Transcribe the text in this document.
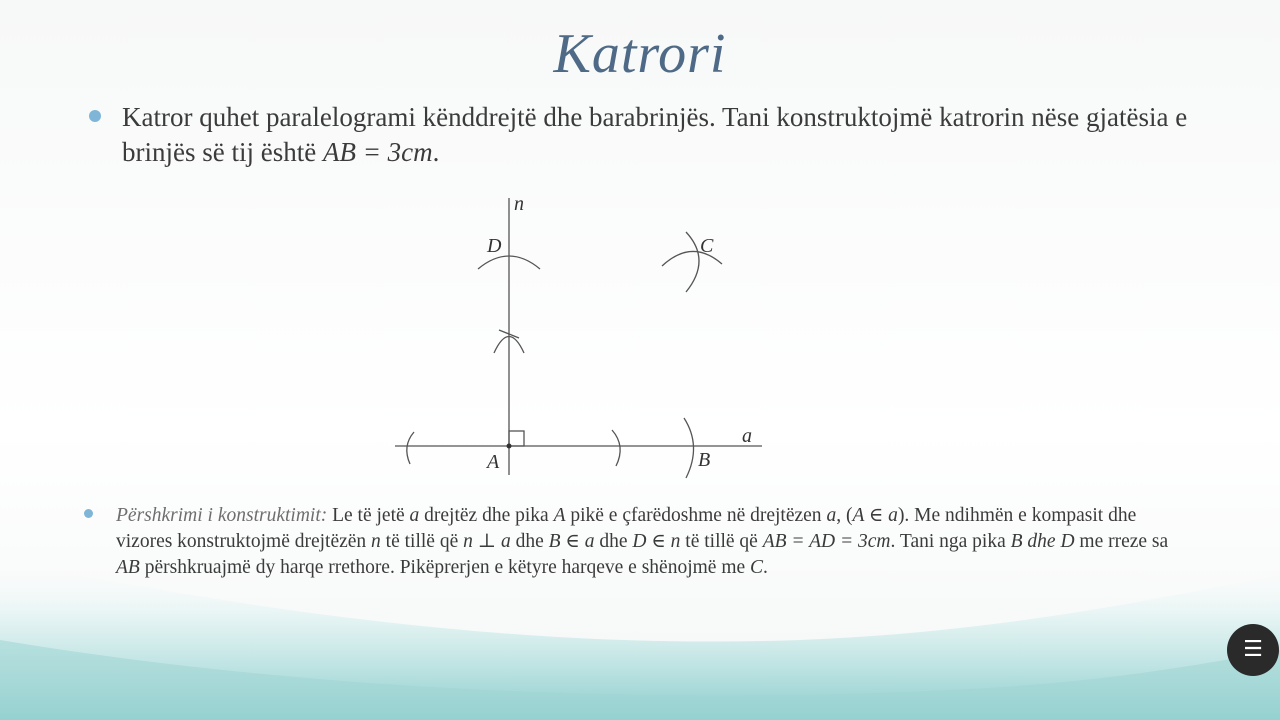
Katrori
Katror quhet paralelogrami kënddrejtë dhe barabrinjës. Tani konstruktojmë katrorin nëse gjatësia e brinjës së tij është AB = 3cm.
n
a
A	B
C
D
Përshkrimi i konstruktimit: Le të jetë a drejtëz dhe pika A pikë e çfarëdoshme në drejtëzen a, (A ∈ a). Me ndihmën e kompasit dhe vizores konstruktojmë drejtëzën n të tillë që n ⊥ a dhe B ∈ a dhe D ∈ n të tillë që AB = AD = 3cm. Tani nga pika B dhe D me rreze sa AB përshkruajmë dy harqe rrethore. Pikëprerjen e këtyre harqeve e shënojmë me C.
☰
